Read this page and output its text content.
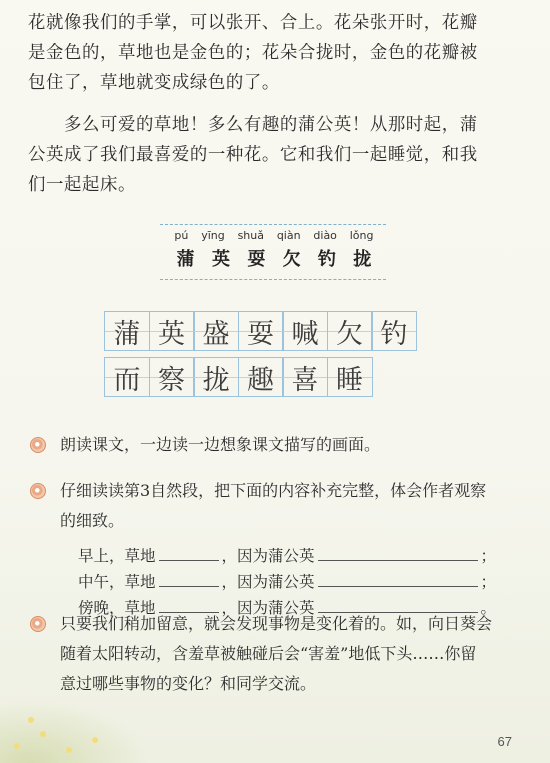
花就像我们的手掌，可以张开、合上。花朵张开时，花瓣
是金色的，草地也是金色的；花朵合拢时，金色的花瓣被
包住了，草地就变成绿色的了。

　　多么可爱的草地！多么有趣的蒲公英！从那时起，蒲
公英成了我们最喜爱的一种花。它和我们一起睡觉，和我
们一起起床。

pú yīng shuǎ qiàn diào lǒng
蒲 英 耍 欠 钓 拢
蒲 英 盛 耍 喊 欠 钓
而 察 拢 趣 喜 睡
朗读课文，一边读一边想象课文描写的画面。
仔细读读第3自然段，把下面的内容补充完整，体会作者观察
的细致。
早上，草地	，因为蒲公英	；
中午，草地	，因为蒲公英	；
傍晚，草地	，因为蒲公英	。
只要我们稍加留意，就会发现事物是变化着的。如，向日葵会
随着太阳转动，含羞草被触碰后会“害羞”地低下头……你留
意过哪些事物的变化？和同学交流。
67
